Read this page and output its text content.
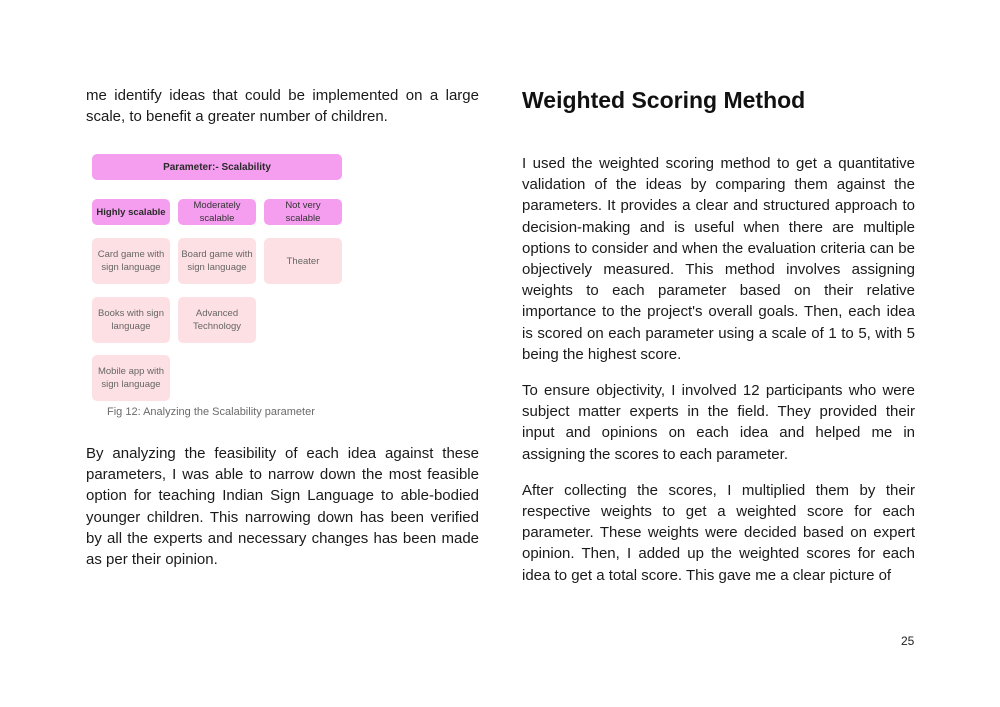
me identify ideas that could be implemented on a large scale, to benefit a greater number of children.

Parameter:- Scalability
Highly scalable
Moderately scalable
Not very scalable
Card game with sign language
Board game with sign language
Theater
Books with sign language
Advanced Technology
Mobile app with sign language
Fig 12: Analyzing the Scalability parameter

By analyzing the feasibility of each idea against these parameters, I was able to narrow down the most feasible option for teaching Indian Sign Language to able-bodied younger children. This narrowing down has been verified by all the experts and necessary changes has been made as per their opinion.

Weighted Scoring Method

I used the weighted scoring method to get a quantitative validation of the ideas by comparing them against the parameters. It provides a clear and structured approach to decision-making and is useful when there are multiple options to consider and when the evaluation criteria can be objectively measured. This method involves assigning weights to each parameter based on their relative importance to the project's overall goals. Then, each idea is scored on each parameter using a scale of 1 to 5, with 5 being the highest score.

To ensure objectivity, I involved 12 participants who were subject matter experts in the field. They provided their input and opinions on each idea and helped me in assigning the scores to each parameter.

After collecting the scores, I multiplied them by their respective weights to get a weighted score for each parameter. These weights were decided based on expert opinion. Then, I added up the weighted scores for each idea to get a total score. This gave me a clear picture of

25
